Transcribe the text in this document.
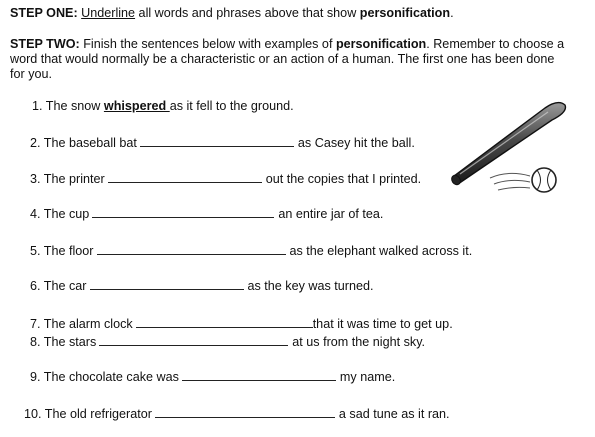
STEP ONE: Underline all words and phrases above that show personification.
STEP TWO: Finish the sentences below with examples of personification. Remember to choose a word that would normally be a characteristic or an action of a human. The first one has been done for you.
1. The snow whispered as it fell to the ground.
2. The baseball bat	as Casey hit the ball.
3. The printer	out the copies that I printed.
4. The cup	an entire jar of tea.
5. The floor	as the elephant walked across it.
6. The car	as the key was turned.
7. The alarm clock	that it was time to get up.
8. The stars	at us from the night sky.
9. The chocolate cake was	my name.
10. The old refrigerator	a sad tune as it ran.
